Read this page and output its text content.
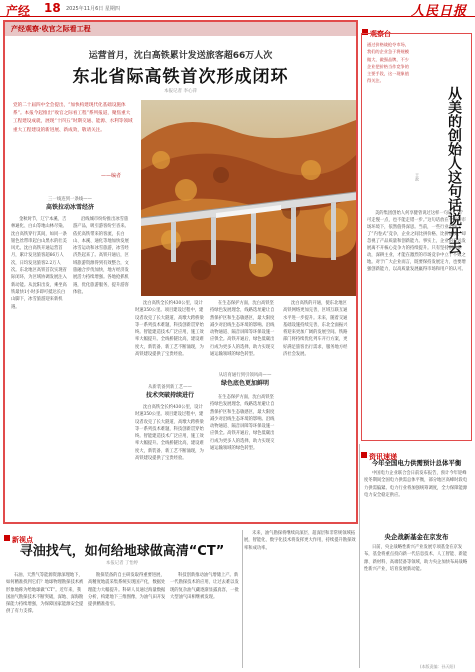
产经 18 2025年11月6日 星期四	人民日报
产经观察·收官之际看工程
运营首月，沈白高铁累计发送旅客超66万人次
东北省际高铁首次形成闭环
本报记者 李心萍
党的二十届四中全会提出，“加快构建现代化基础设施体系”。本报今起推出“收官之际看工程”系列报道，聚焦重大工程建设成就，展现“十四五”时期交通、能源、水利等领域重大工程建设的新进展、新成效，敬请关注。
——编者
三一线连到一条线——
高铁拉动冰雪经济
金秋时节，辽宁本溪、吉林通化、白山等地山林尽染。沈白高铁穿行其间，如同一条银色丝带串起白山黑水的壮美风光。沈白高铁开通运营首月，累计发送旅客超66万人次，日均发送旅客2.2万人次。东北地区高铁首次实现省际闭环，为区域协调发展注入新动能。从沈阳出发，乘坐高铁最快1小时多即可抵达长白山脚下，冰雪旅游迎来新机遇。
沿线城市纷纷推出冰雪旅游产品，吸引游客纷至沓来。依托高铁带来的客流，长白山、本溪、通化等地加快发展冰雪运动和冰雪旅游，冰雪经济热起来了。高铁开通后，区域旅游资源得到有效整合，文旅融合步伐加快，地方经济发展活力持续增强。各地抢抓机遇，优化旅游服务，提升游客体验。
沈白高铁全长约430公里，设计时速350公里。项目建设过程中，建设者攻克了长大隧道、高墩大跨桥梁等一系列技术难题，科技创新贯穿始终。智能建造技术广泛应用，施工效率大幅提升。全线桥隧比高，建设难度大，新装备、新工艺不断涌现，为高铁建设提供了宝贵经验。
从新装备到新工艺——
技术突破持续进行
沈白高铁全长约430公里，设计时速350公里。项目建设过程中，建设者攻克了长大隧道、高墩大跨桥梁等一系列技术难题，科技创新贯穿始终。智能建造技术广泛应用，施工效率大幅提升。全线桥隧比高，建设难度大，新装备、新工艺不断涌现，为高铁建设提供了宝贵经验。
在生态保护方面，沈白高铁坚持绿色发展理念，线路选址避让自然保护区和生态敏感区，最大限度减少对沿线生态环境的影响。沿线动物通道、隔音屏障等环保设施一应俱全。高铁开通后，绿色低碳出行成为更多人的选择，助力实现交通运输领域的绿色转型。
从培育通行到引领风尚——
绿色底色更加鲜明
在生态保护方面，沈白高铁坚持绿色发展理念，线路选址避让自然保护区和生态敏感区，最大限度减少对沿线生态环境的影响。沿线动物通道、隔音屏障等环保设施一应俱全。高铁开通后，绿色低碳出行成为更多人的选择，助力实现交通运输领域的绿色转型。
沈白高铁的开通，使东北地区高铁网络更加完善，区域互联互通水平进一步提升。未来，随着交通基础设施持续完善，东北全面振兴将迎来更加广阔的发展空间。铁路部门将持续优化列车开行方案，更好满足旅客出行需求，服务地方经济社会发展。
观察台
通过价格战抢夺市场，我们的企业急于将规模做大、做强品牌，不少企业把价格当作竞争的主要手段，这一现象值得关注。
从美的创始人这句话说开去
王政
美的集团创始人何享健曾说过这样一句话：“宁可走慢一点，也不能走错一步。”这句话放在今天的市场环境下，依然值得深思。当前，一些行业出现了“内卷式”竞争，企业之间比拼价格、比拼速度，却忽视了产品质量和创新能力。事实上，企业的长远发展离不开核心竞争力的持续提升。只有坚持创新驱动，深耕主业，才能在激烈的市场竞争中立于不败之地。对于广大企业而言，既要保持发展定力，也要增强创新能力，以高质量发展赢得市场和用户的认可。
资讯速递
今年全国电力供需预计总体平衡
中国电力企业联合会日前发布报告，预计今年迎峰度冬期间全国电力供需总体平衡，部分地区高峰时段电力供需偏紧。电力行业将加强统筹调度，全力保障能源电力安全稳定供应。
央企战新基金在京发布
日前，央企战略性新兴产业发展专项基金在京发布，基金将重点投向新一代信息技术、人工智能、新能源、新材料、高端装备等领域，助力央企加快布局战略性新兴产业，培育发展新动能。
新视点
寻油找气，如何给地球做高清“CT”
本报记者 丁怡婷
石油、天然气等能源资源深埋地下，如何精准找到它们？地球物理勘探技术被形象地称为给地球做“CT”。近年来，我国油气勘探技术不断突破，深地、深海勘探能力持续增强，为保障国家能源安全提供了有力支撑。
勘探装备的自主研发取得重要进展，高精度地震采集系统实现国产化，数据处理能力大幅提升。科研人员通过海量数据分析，构建地下三维图像，为油气田开发提供精准指引。
科技创新推动油气增储上产。新一代勘探技术的应用，让过去难以发现的复杂油气藏逐渐显露真容，一批大型油气田相继被发现。
未来，油气勘探将继续向深层、超深层和非常规领域拓展，智能化、数字化技术将发挥更大作用，持续提升勘探效率和成功率。
(本版责编：孙天阳)
